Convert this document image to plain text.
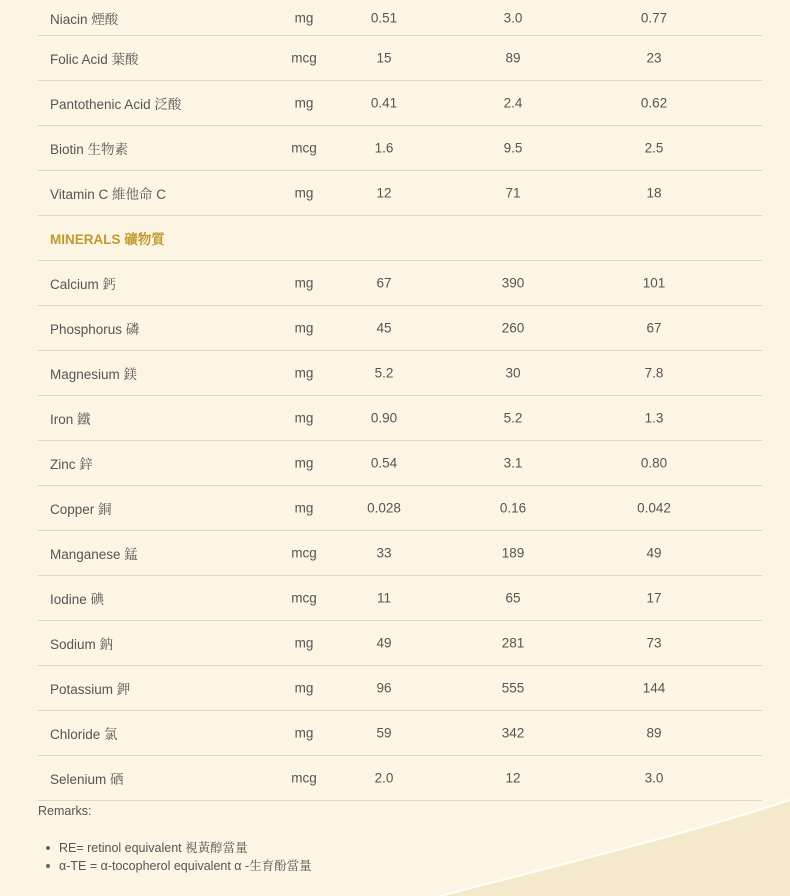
Niacin 煙酸	mg	0.51	3.0	0.77
Folic Acid 葉酸	mcg	15	89	23
Pantothenic Acid 泛酸	mg	0.41	2.4	0.62
Biotin 生物素	mcg	1.6	9.5	2.5
Vitamin C 維他命 C	mg	12	71	18
MINERALS 礦物質
Calcium 鈣	mg	67	390	101
Phosphorus 磷	mg	45	260	67
Magnesium 鎂	mg	5.2	30	7.8
Iron 鐵	mg	0.90	5.2	1.3
Zinc 鋅	mg	0.54	3.1	0.80
Copper 銅	mg	0.028	0.16	0.042
Manganese 錳	mcg	33	189	49
Iodine 碘	mcg	11	65	17
Sodium 鈉	mg	49	281	73
Potassium 鉀	mg	96	555	144
Chloride 氯	mg	59	342	89
Selenium 硒	mcg	2.0	12	3.0
Remarks:
RE= retinol equivalent 視黃醇當量
α-TE = α-tocopherol equivalent α -生育酚當量
